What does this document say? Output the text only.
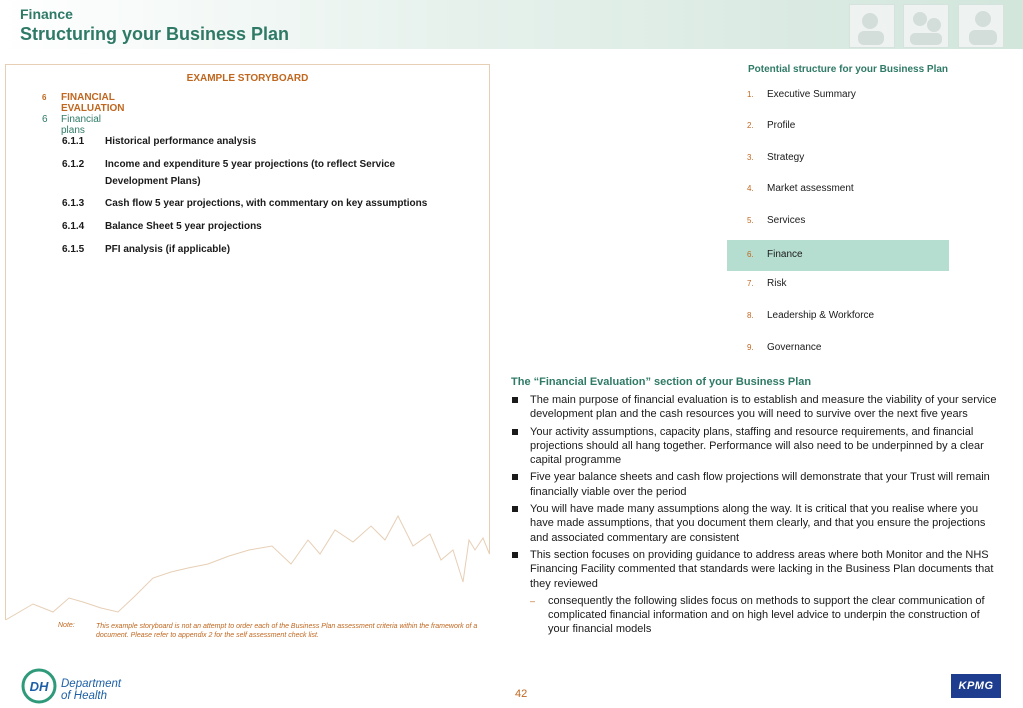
Finance
Structuring your Business Plan
EXAMPLE STORYBOARD
6 FINANCIAL EVALUATION
6 Financial plans
6.1.1 Historical performance analysis
6.1.2 Income and expenditure 5 year projections (to reflect Service Development Plans)
6.1.3 Cash flow 5 year projections, with commentary on key assumptions
6.1.4 Balance Sheet 5 year projections
6.1.5 PFI analysis (if applicable)
Note:	This example storyboard is not an attempt to order each of the Business Plan assessment criteria within the framework of a document. Please refer to appendix 2 for the self assessment check list.
Potential structure for your Business Plan
1. Executive Summary
2. Profile
3. Strategy
4. Market assessment
5. Services
6. Finance
7. Risk
8. Leadership & Workforce
9. Governance
The “Financial Evaluation” section of your Business Plan
The main purpose of financial evaluation is to establish and measure the viability of your service development plan and the cash resources you will need to survive over the next five years
Your activity assumptions, capacity plans, staffing and resource requirements, and financial projections should all hang together. Performance will also need to be underpinned by a clear capital programme
Five year balance sheets and cash flow projections will demonstrate that your Trust will remain financially viable over the period
You will have made many assumptions along the way. It is critical that you realise where you have made assumptions, that you document them clearly, and that you ensure the projections and associated commentary are consistent
This section focuses on providing guidance to address areas where both Monitor and the NHS Financing Facility commented that standards were lacking in the Business Plan documents that they reviewed
– consequently the following slides focus on methods to support the clear communication of complicated financial information and on high level advice to underpin the construction of your financial models
DH Department
of Health	42
KPMG
